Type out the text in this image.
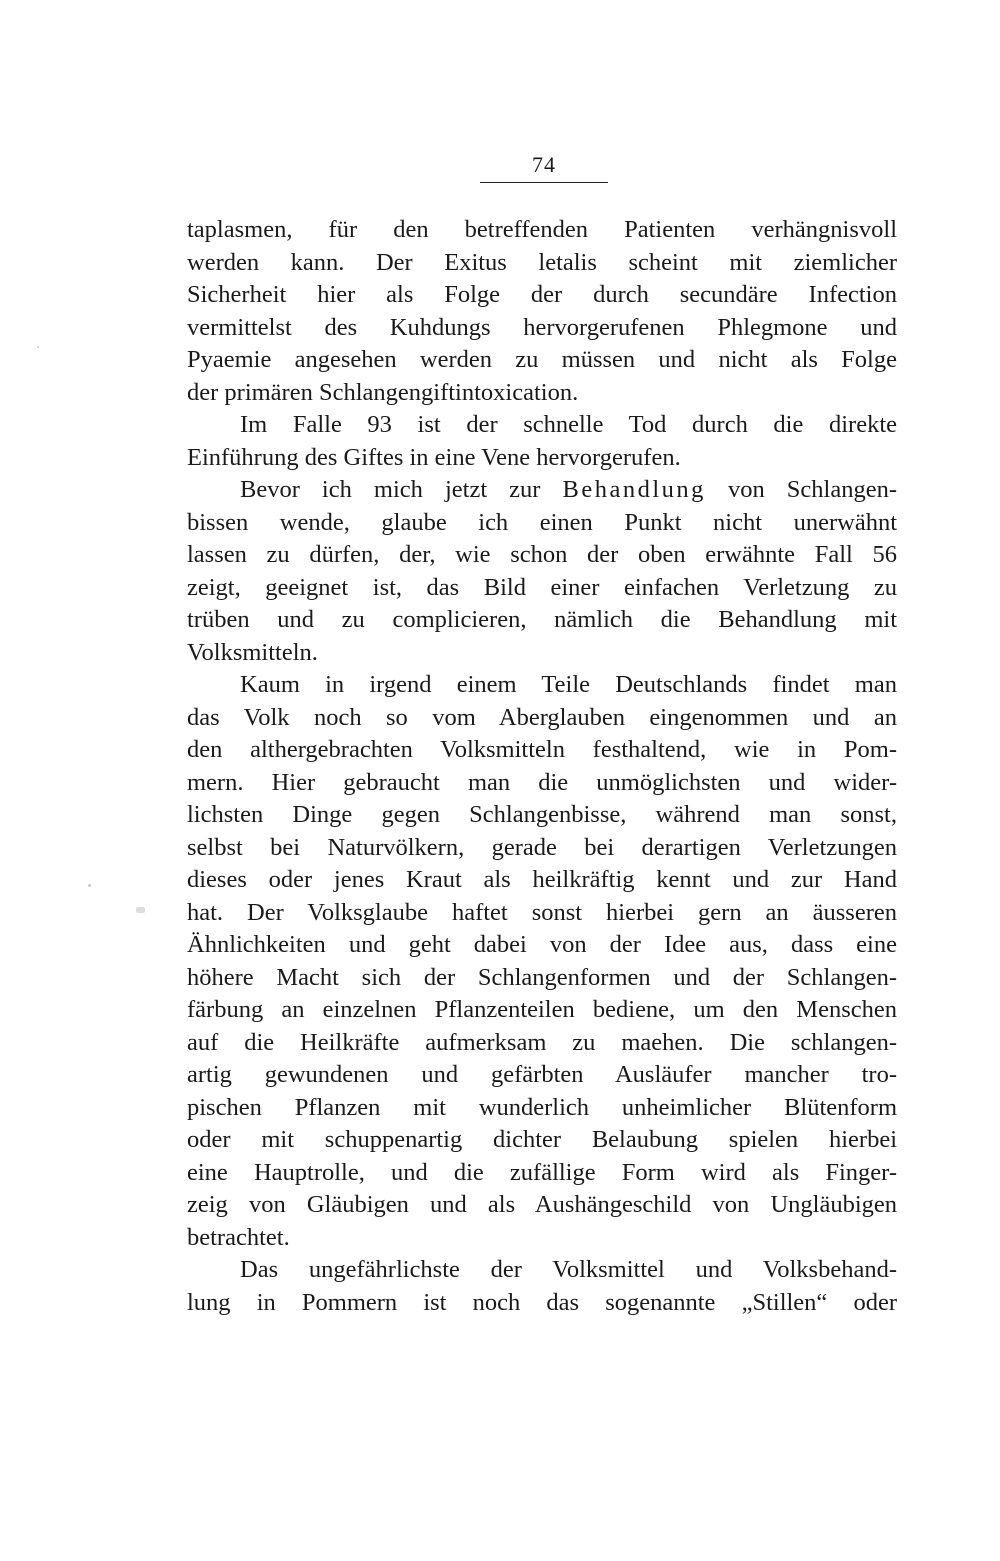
74
taplasmen, für den betreffenden Patienten verhängnisvoll
werden kann. Der Exitus letalis scheint mit ziemlicher
Sicherheit hier als Folge der durch secundäre Infection
vermittelst des Kuhdungs hervorgerufenen Phlegmone und
Pyaemie angesehen werden zu müssen und nicht als Folge
der primären Schlangengiftintoxication.
Im Falle 93 ist der schnelle Tod durch die direkte
Einführung des Giftes in eine Vene hervorgerufen.
Bevor ich mich jetzt zur Behandlung von Schlangen-
bissen wende, glaube ich einen Punkt nicht unerwähnt
lassen zu dürfen, der, wie schon der oben erwähnte Fall 56
zeigt, geeignet ist, das Bild einer einfachen Verletzung zu
trüben und zu complicieren, nämlich die Behandlung mit
Volksmitteln.
Kaum in irgend einem Teile Deutschlands findet man
das Volk noch so vom Aberglauben eingenommen und an
den althergebrachten Volksmitteln festhaltend, wie in Pom-
mern. Hier gebraucht man die unmöglichsten und wider-
lichsten Dinge gegen Schlangenbisse, während man sonst,
selbst bei Naturvölkern, gerade bei derartigen Verletzungen
dieses oder jenes Kraut als heilkräftig kennt und zur Hand
hat. Der Volksglaube haftet sonst hierbei gern an äusseren
Ähnlichkeiten und geht dabei von der Idee aus, dass eine
höhere Macht sich der Schlangenformen und der Schlangen-
färbung an einzelnen Pflanzenteilen bediene, um den Menschen
auf die Heilkräfte aufmerksam zu maehen. Die schlangen-
artig gewundenen und gefärbten Ausläufer mancher tro-
pischen Pflanzen mit wunderlich unheimlicher Blütenform
oder mit schuppenartig dichter Belaubung spielen hierbei
eine Hauptrolle, und die zufällige Form wird als Finger-
zeig von Gläubigen und als Aushängeschild von Ungläubigen
betrachtet.
Das ungefährlichste der Volksmittel und Volksbehand-
lung in Pommern ist noch das sogenannte „Stillen“ oder
